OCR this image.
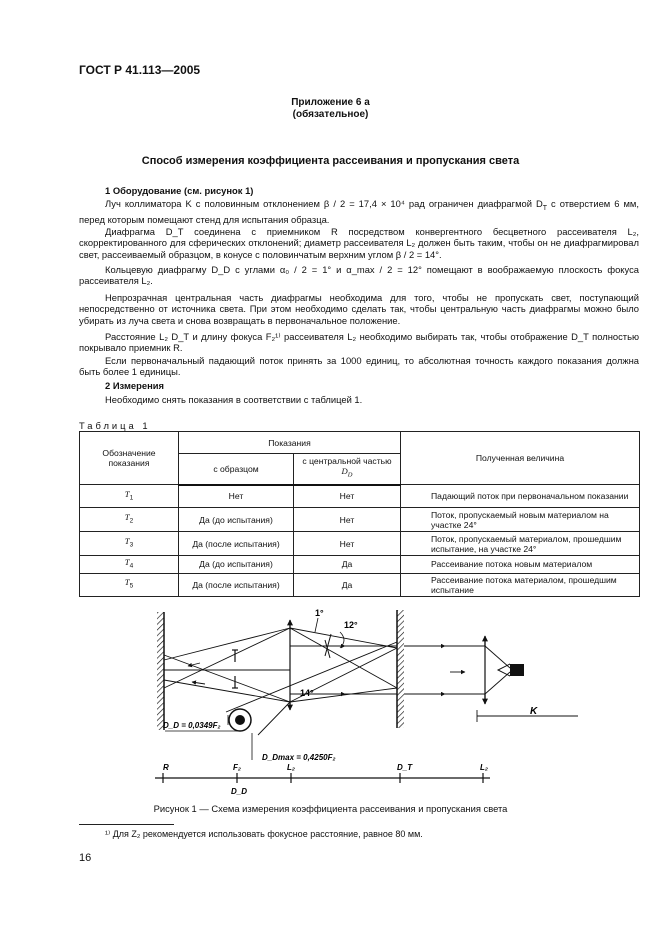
ГОСТ Р 41.113—2005
Приложение 6 а
(обязательное)
Способ измерения коэффициента рассеивания и пропускания света
1 Оборудование (см. рисунок 1)
Луч коллиматора K с половинным отклонением β / 2 = 17,4 × 10⁴ рад ограничен диафрагмой $D_T$ с отверстием 6 мм, перед которым помещают стенд для испытания образца.
Диафрагма D_T соединена с приемником R посредством конвергентного бесцветного рассеивателя L₂, скорректированного для сферических отклонений; диаметр рассеивателя L₂ должен быть таким, чтобы он не диафрагмировал свет, рассеиваемый образцом, в конусе с половинчатым верхним углом β / 2 = 14°.
Кольцевую диафрагму D_D с углами α₀ / 2 = 1° и α_max / 2 = 12° помещают в воображаемую плоскость фокуса рассеивателя L₂.
Непрозрачная центральная часть диафрагмы необходима для того, чтобы не пропускать свет, поступающий непосредственно от источника света. При этом необходимо сделать так, чтобы центральную часть диафрагмы можно было убирать из луча света и снова возвращать в первоначальное положение.
Расстояние L₂ D_T и длину фокуса F₂¹⁾ рассеивателя L₂ необходимо выбирать так, чтобы отображение D_T полностью покрывало приемник R.
Если первоначальный падающий поток принять за 1000 единиц, то абсолютная точность каждого показания должна быть более 1 единицы.
2 Измерения
Необходимо снять показания в соответствии с таблицей 1.
Таблица 1
Обозначение показания	Показания		Полученная величина
	с образцом	с центральной частью
$D_D$
$T_1$	Нет	Нет	Падающий поток при первоначальном показании
$T_2$	Да (до испытания)	Нет	Поток, пропускаемый новым материалом на участке 24°
$T_3$	Да (после испытания)	Нет	Поток, пропускаемый материалом, прошедшим испытание, на участке 24°
$T_4$	Да (до испытания)	Да	Рассеивание потока новым материалом
$T_5$	Да (после испытания)	Да	Рассеивание потока материалом, прошедшим испытание
1°
12°
14°
K
D_D = 0,0349F₂
D_Dmax = 0,4250F₂
R	F₂	L₂	D_T	L₂
D_D
Рисунок 1 — Схема измерения коэффициента рассеивания и пропускания света
¹⁾ Для Z₂ рекомендуется использовать фокусное расстояние, равное 80 мм.
16
